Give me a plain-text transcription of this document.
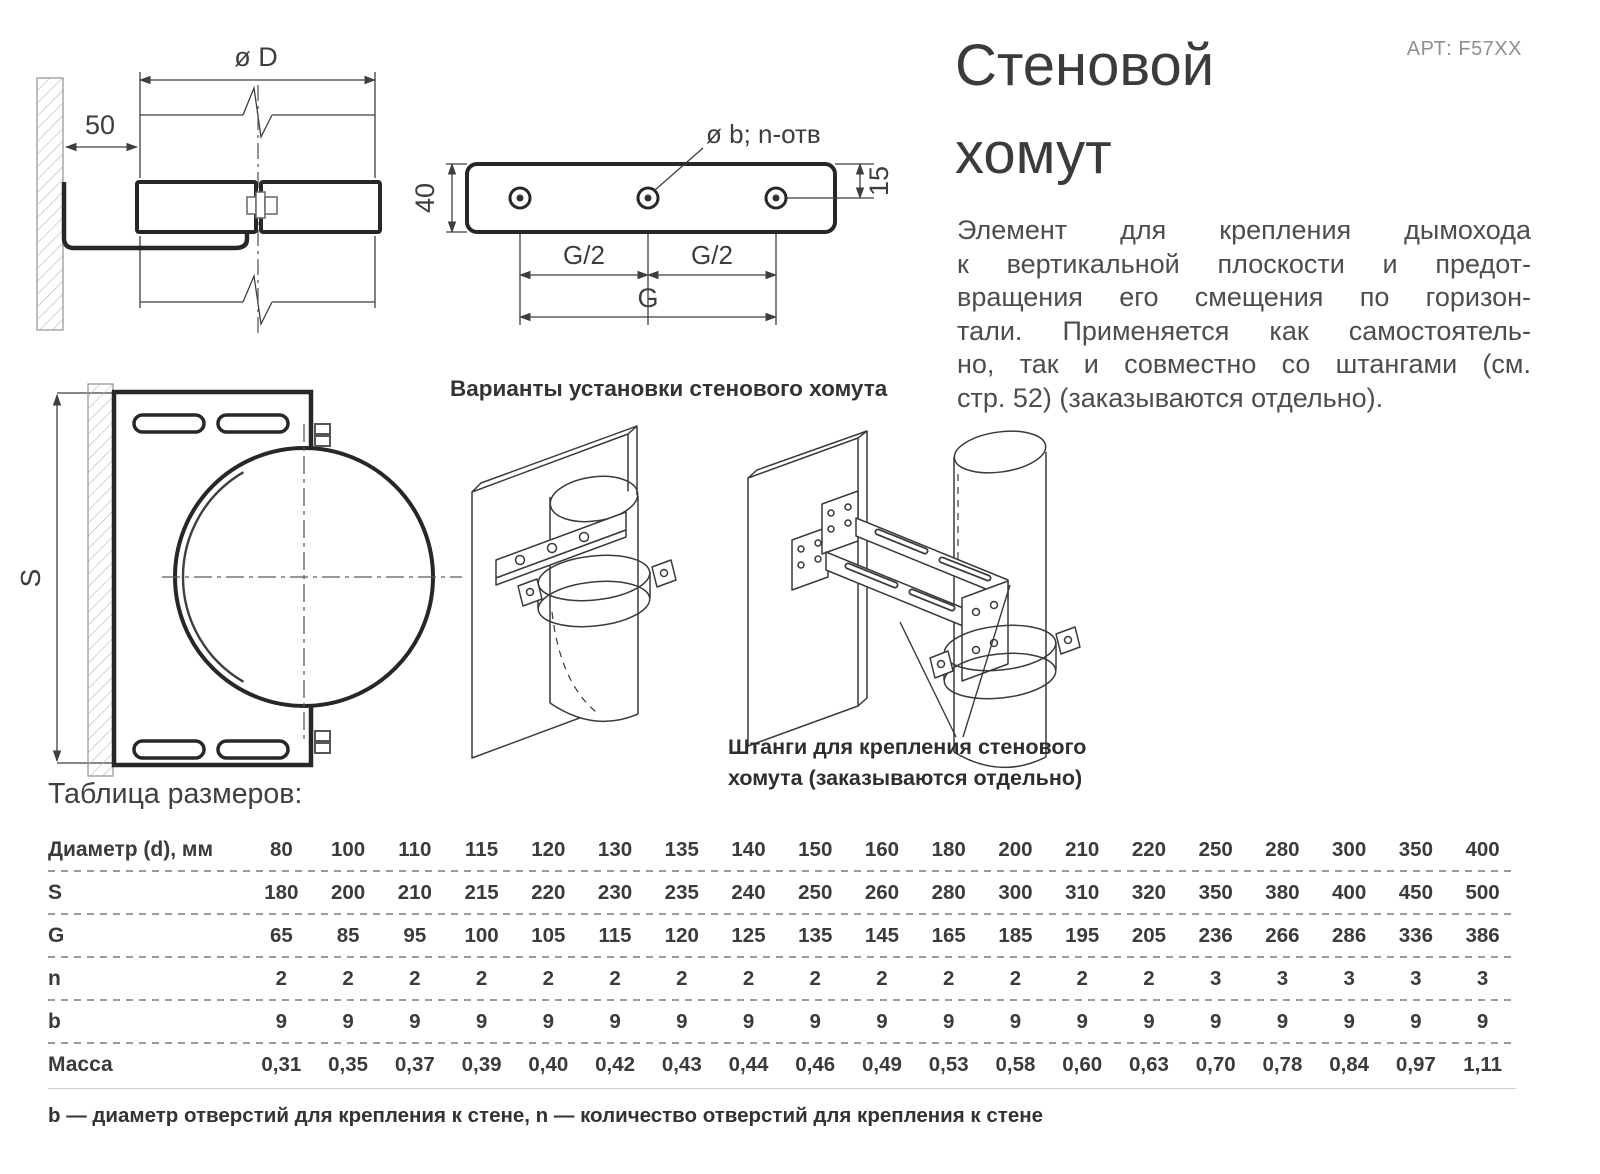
ø D
50	ø b; n-отв
40
15
G/2	G/2
G
S
АРТ: F57ХХ
Стеновой
хомут
Элемент для крепления дымохода
к вертикальной плоскости и предот-
вращения его смещения по горизон-
тали. Применяется как самостоятель-
но, так и совместно со штангами (см.
стр. 52) (заказываются отдельно).
Варианты установки стенового хомута
Штанги для крепления стенового
хомута (заказываются отдельно)
Таблица размеров:
Диаметр (d), мм	80	100	110	115	120	130	135	140	150	160	180	200	210	220	250	280	300	350	400
S	180	200	210	215	220	230	235	240	250	260	280	300	310	320	350	380	400	450	500
G	65	85	95	100	105	115	120	125	135	145	165	185	195	205	236	266	286	336	386
n	2	2	2	2	2	2	2	2	2	2	2	2	2	2	3	3	3	3	3
b	9	9	9	9	9	9	9	9	9	9	9	9	9	9	9	9	9	9	9
Масса	0,31	0,35	0,37	0,39	0,40	0,42	0,43	0,44	0,46	0,49	0,53	0,58	0,60	0,63	0,70	0,78	0,84	0,97	1,11
b — диаметр отверстий для крепления к стене, n — количество отверстий для крепления к стене
